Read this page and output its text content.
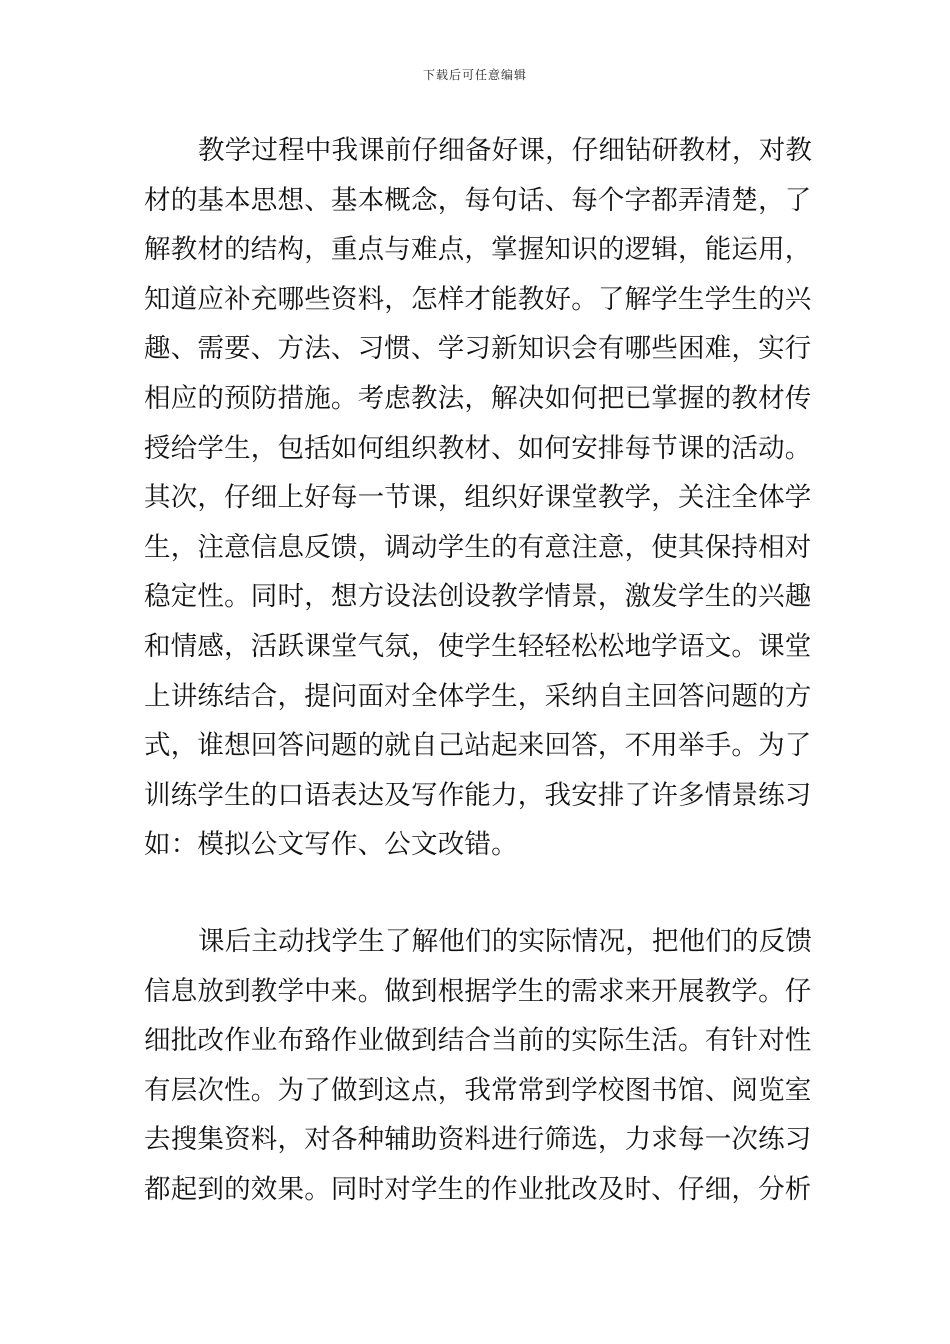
下载后可任意编辑
教学过程中我课前仔细备好课，仔细钻研教材，对教
材的基本思想、基本概念，每句话、每个字都弄清楚，了
解教材的结构，重点与难点，掌握知识的逻辑，能运用，
知道应补充哪些资料，怎样才能教好。了解学生学生的兴
趣、需要、方法、习惯、学习新知识会有哪些困难，实行
相应的预防措施。考虑教法，解决如何把已掌握的教材传
授给学生，包括如何组织教材、如何安排每节课的活动。
其次，仔细上好每一节课，组织好课堂教学，关注全体学
生，注意信息反馈，调动学生的有意注意，使其保持相对
稳定性。同时，想方设法创设教学情景，激发学生的兴趣
和情感，活跃课堂气氛，使学生轻轻松松地学语文。课堂
上讲练结合，提问面对全体学生，采纳自主回答问题的方
式，谁想回答问题的就自己站起来回答，不用举手。为了
训练学生的口语表达及写作能力，我安排了许多情景练习
如：模拟公文写作、公文改错。
课后主动找学生了解他们的实际情况，把他们的反馈
信息放到教学中来。做到根据学生的需求来开展教学。仔
细批改作业布臵作业做到结合当前的实际生活。有针对性
有层次性。为了做到这点，我常常到学校图书馆、阅览室
去搜集资料，对各种辅助资料进行筛选，力求每一次练习
都起到的效果。同时对学生的作业批改及时、仔细，分析
